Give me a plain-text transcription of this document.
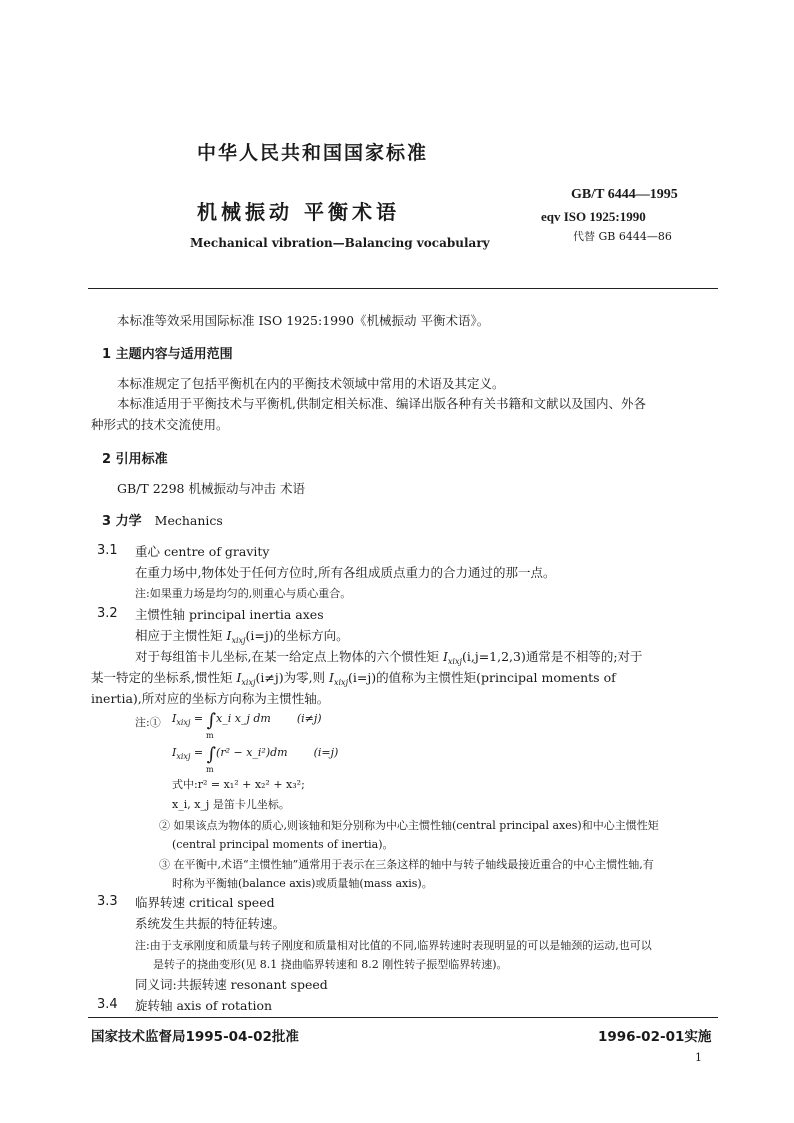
中华人民共和国国家标准
机械振动 平衡术语
Mechanical vibration—Balancing vocabulary
GB/T 6444—1995
eqv ISO 1925:1990
代替 GB 6444—86
本标准等效采用国际标准 ISO 1925:1990《机械振动 平衡术语》。
1 主题内容与适用范围
本标准规定了包括平衡机在内的平衡技术领域中常用的术语及其定义。
本标准适用于平衡技术与平衡机,供制定相关标准、编译出版各种有关书籍和文献以及国内、外各
种形式的技术交流使用。
2 引用标准
GB/T 2298 机械振动与冲击 术语
3 力学 Mechanics
3.1 重心 centre of gravity
在重力场中,物体处于任何方位时,所有各组成质点重力的合力通过的那一点。
注:如果重力场是均匀的,则重心与质心重合。
3.2 主惯性轴 principal inertia axes
相应于主惯性矩 $I_{xixj}(i=j)$的坐标方向。
对于每组笛卡儿坐标,在某一给定点上物体的六个惯性矩 $I_{xixj}(i,j=1,2,3)$通常是不相等的;对于
某一特定的坐标系,惯性矩 $I_{xixj}(i\ne j)$为零,则 $I_{xixj}(i=j)$的值称为主惯性矩(principal moments of
inertia),所对应的坐标方向称为主惯性轴。
注:① $I_{xixj}$ = ∫x_i x_j dm (i≠j)
m
$I_{xixj} = \int(r^2$ − x_i²)dm (i=j)
m
式中:r² = x₁² + x₂² + x₃²;
x_i, x_j 是笛卡儿坐标。
② 如果该点为物体的质心,则该轴和矩分别称为中心主惯性轴(central principal axes)和中心主惯性矩
(central principal moments of inertia)。
③ 在平衡中,术语“主惯性轴”通常用于表示在三条这样的轴中与转子轴线最接近重合的中心主惯性轴,有
时称为平衡轴(balance axis)或质量轴(mass axis)。
3.3 临界转速 critical speed
系统发生共振的特征转速。
注:由于支承刚度和质量与转子刚度和质量相对比值的不同,临界转速时表现明显的可以是轴颈的运动,也可以
是转子的挠曲变形(见 8.1 挠曲临界转速和 8.2 刚性转子振型临界转速)。
同义词:共振转速 resonant speed
3.4 旋转轴 axis of rotation
国家技术监督局1995-04-02批准	1996-02-01实施
1
